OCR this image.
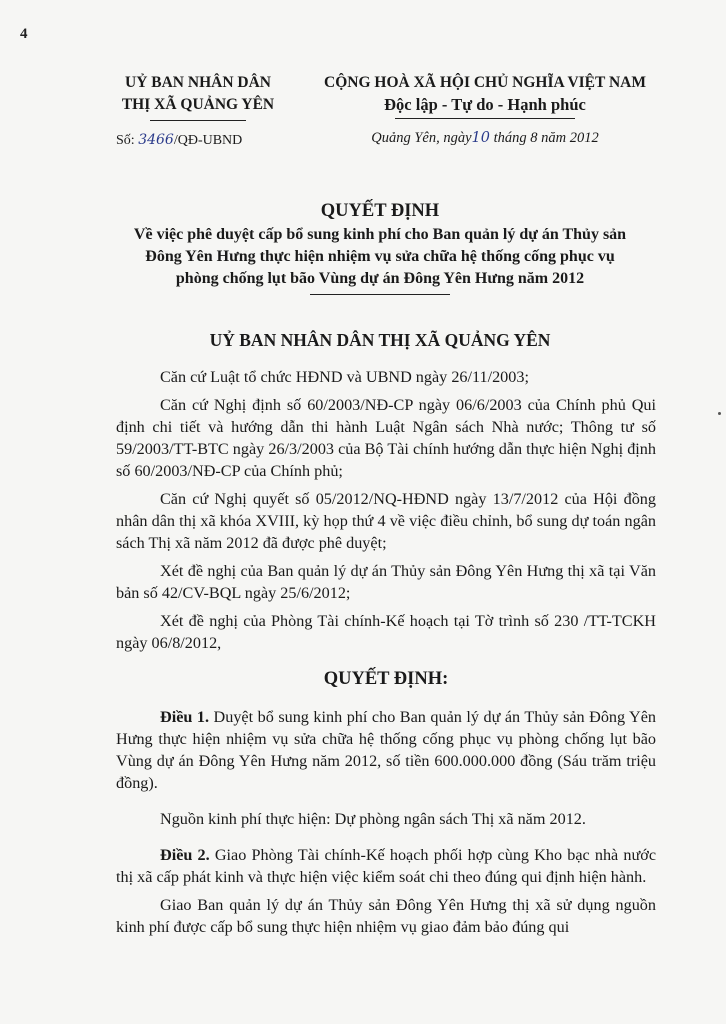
4
UỶ BAN NHÂN DÂN
THỊ XÃ QUẢNG YÊN
Số: 3466/QĐ-UBND
CỘNG HOÀ XÃ HỘI CHỦ NGHĨA VIỆT NAM
Độc lập - Tự do - Hạnh phúc
Quảng Yên, ngày10 tháng 8 năm 2012
QUYẾT ĐỊNH
Về việc phê duyệt cấp bổ sung kinh phí cho Ban quản lý dự án Thủy sản
Đông Yên Hưng thực hiện nhiệm vụ sửa chữa hệ thống cống phục vụ
phòng chống lụt bão Vùng dự án Đông Yên Hưng năm 2012
UỶ BAN NHÂN DÂN THỊ XÃ QUẢNG YÊN

Căn cứ Luật tổ chức HĐND và UBND ngày 26/11/2003;

Căn cứ Nghị định số 60/2003/NĐ-CP ngày 06/6/2003 của Chính phủ Qui định chi tiết và hướng dẫn thi hành Luật Ngân sách Nhà nước; Thông tư số 59/2003/TT-BTC ngày 26/3/2003 của Bộ Tài chính hướng dẫn thực hiện Nghị định số 60/2003/NĐ-CP của Chính phủ;

Căn cứ Nghị quyết số 05/2012/NQ-HĐND ngày 13/7/2012 của Hội đồng nhân dân thị xã khóa XVIII, kỳ họp thứ 4 về việc điều chỉnh, bổ sung dự toán ngân sách Thị xã năm 2012 đã được phê duyệt;

Xét đề nghị của Ban quản lý dự án Thủy sản Đông Yên Hưng thị xã tại Văn bản số 42/CV-BQL ngày 25/6/2012;

Xét đề nghị của Phòng Tài chính-Kế hoạch tại Tờ trình số 230 /TT-TCKH ngày 06/8/2012,

QUYẾT ĐỊNH:

Điều 1. Duyệt bổ sung kinh phí cho Ban quản lý dự án Thủy sản Đông Yên Hưng thực hiện nhiệm vụ sửa chữa hệ thống cống phục vụ phòng chống lụt bão Vùng dự án Đông Yên Hưng năm 2012, số tiền 600.000.000 đồng (Sáu trăm triệu đồng).

Nguồn kinh phí thực hiện: Dự phòng ngân sách Thị xã năm 2012.

Điều 2. Giao Phòng Tài chính-Kế hoạch phối hợp cùng Kho bạc nhà nước thị xã cấp phát kinh và thực hiện việc kiểm soát chi theo đúng qui định hiện hành.

Giao Ban quản lý dự án Thủy sản Đông Yên Hưng thị xã sử dụng nguồn kinh phí được cấp bổ sung thực hiện nhiệm vụ giao đảm bảo đúng qui
